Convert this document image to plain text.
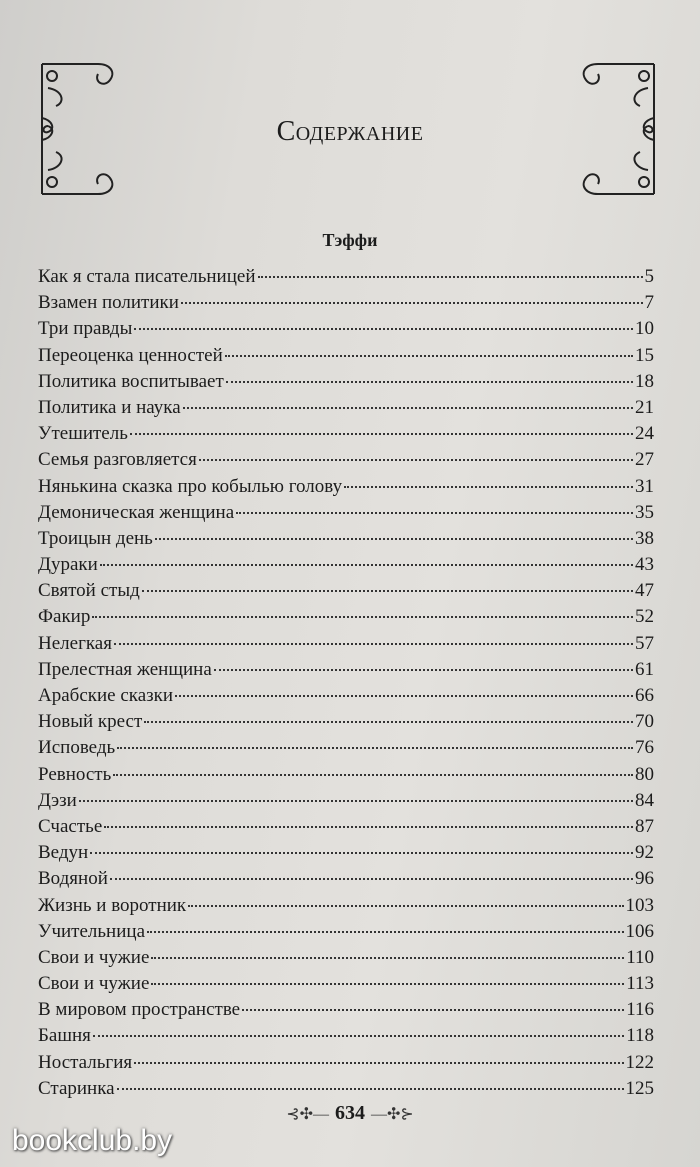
Содержание
Тэффи
Как я стала писательницей	5
Взамен политики	7
Три правды	10
Переоценка ценностей	15
Политика воспитывает	18
Политика и наука	21
Утешитель	24
Семья разговляется	27
Нянькина сказка про кобылью голову	31
Демоническая женщина	35
Троицын день	38
Дураки	43
Святой стыд	47
Факир	52
Нелегкая	57
Прелестная женщина	61
Арабские сказки	66
Новый крест	70
Исповедь	76
Ревность	80
Дэзи	84
Счастье	87
Ведун	92
Водяной	96
Жизнь и воротник	103
Учительница	106
Свои и чужие	110
Свои и чужие	113
В мировом пространстве	116
Башня	118
Ностальгия	122
Старинка	125
⊰✣— 634 —✣⊱
bookclub.by
